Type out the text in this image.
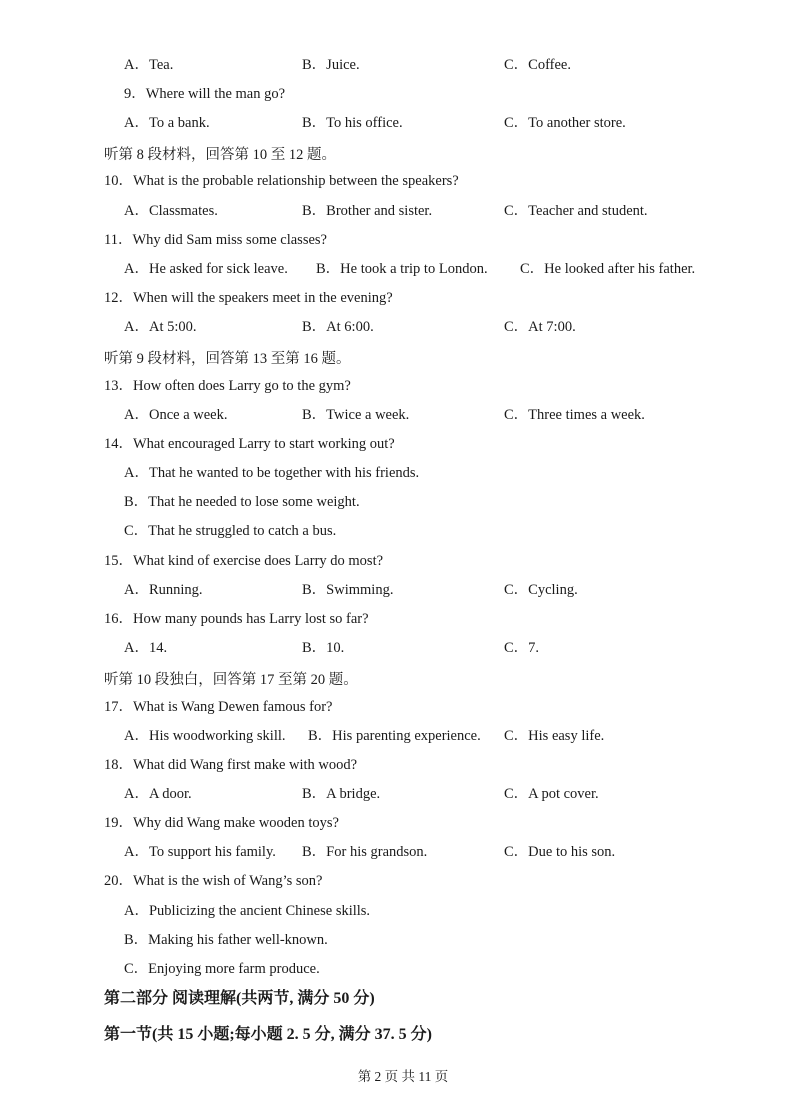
A．Tea.	B．Juice.	C．Coffee.
9．Where will the man go?
A．To a bank.	B．To his office.	C．To another store.
听第 8 段材料，回答第 10 至 12 题。
10．What is the probable relationship between the speakers?
A．Classmates.	B．Brother and sister.	C．Teacher and student.
11．Why did Sam miss some classes?
A．He asked for sick leave. B．He took a trip to London. C．He looked after his father.
12．When will the speakers meet in the evening?
A．At 5:00.	B．At 6:00.	C．At 7:00.
听第 9 段材料，回答第 13 至第 16 题。
13．How often does Larry go to the gym?
A．Once a week.	B．Twice a week.	C．Three times a week.
14．What encouraged Larry to start working out?
A．That he wanted to be together with his friends.
B．That he needed to lose some weight.
C．That he struggled to catch a bus.
15．What kind of exercise does Larry do most?
A．Running.	B．Swimming.	C．Cycling.
16．How many pounds has Larry lost so far?
A．14.	B．10.	C．7.
听第 10 段独白，回答第 17 至第 20 题。
17．What is Wang Dewen famous for?
A．His woodworking skill. B．His parenting experience. C．His easy life.
18．What did Wang first make with wood?
A．A door.	B．A bridge.	C．A pot cover.
19．Why did Wang make wooden toys?
A．To support his family. B．For his grandson.	C．Due to his son.
20．What is the wish of Wang’s son?
A．Publicizing the ancient Chinese skills.
B．Making his father well-known.
C．Enjoying more farm produce.
第二部分 阅读理解(共两节, 满分 50 分)
第一节(共 15 小题;每小题 2. 5 分, 满分 37. 5 分)
第 2 页 共 11 页
